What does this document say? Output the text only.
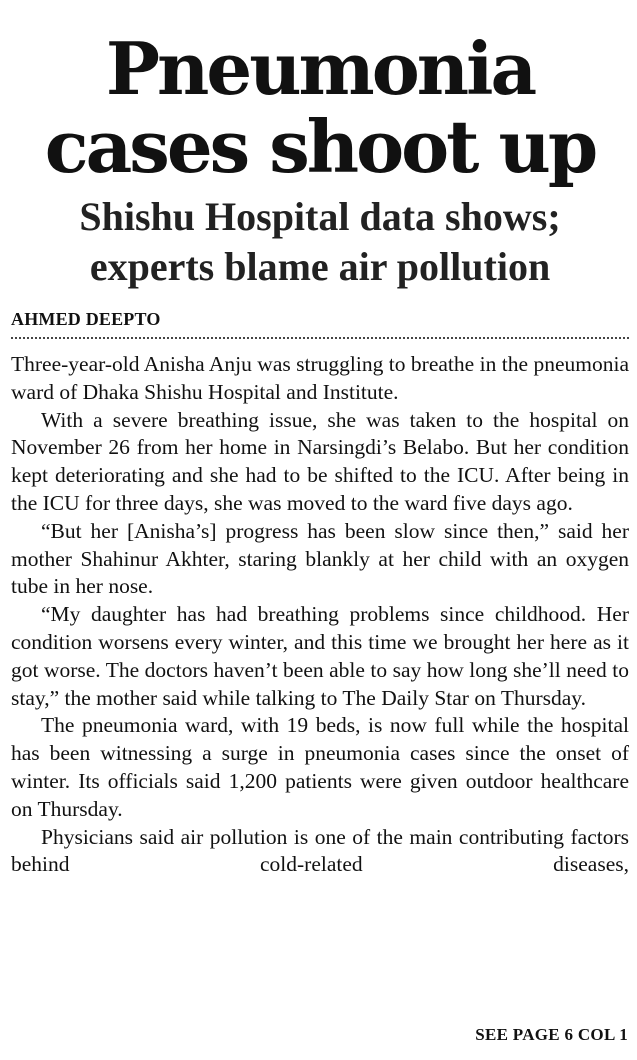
Pneumonia
cases shoot up
Shishu Hospital data shows;
experts blame air pollution
AHMED DEEPTO

Three-year-old Anisha Anju was struggling to breathe in the pneumonia ward of Dhaka Shishu Hospital and Institute.

With a severe breathing issue, she was taken to the hospital on November 26 from her home in Narsingdi’s Belabo. But her condition kept deteriorating and she had to be shifted to the ICU. After being in the ICU for three days, she was moved to the ward five days ago.

“But her [Anisha’s] progress has been slow since then,” said her mother Shahinur Akhter, staring blankly at her child with an oxygen tube in her nose.

“My daughter has had breathing problems since childhood. Her condition worsens every winter, and this time we brought her here as it got worse. The doctors haven’t been able to say how long she’ll need to stay,” the mother said while talking to The Daily Star on Thursday.

The pneumonia ward, with 19 beds, is now full while the hospital has been witnessing a surge in pneumonia cases since the onset of winter. Its officials said 1,200 patients were given outdoor healthcare on Thursday.

Physicians said air pollution is one of the main contributing factors behind cold-related diseases,

SEE PAGE 6 COL 1
